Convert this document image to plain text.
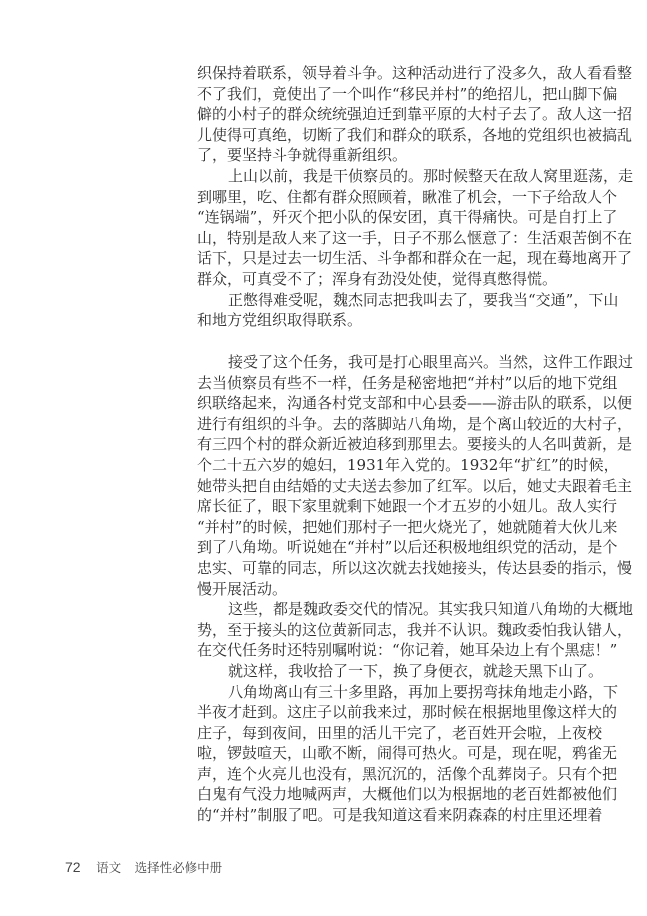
织保持着联系，领导着斗争。这种活动进行了没多久，敌人看看整
不了我们，竟使出了一个叫作“移民并村”的绝招儿，把山脚下偏
僻的小村子的群众统统强迫迁到靠平原的大村子去了。敌人这一招
儿使得可真绝，切断了我们和群众的联系，各地的党组织也被搞乱
了，要坚持斗争就得重新组织。
上山以前，我是干侦察员的。那时候整天在敌人窝里逛荡，走
到哪里，吃、住都有群众照顾着，瞅准了机会，一下子给敌人个
“连锅端”，歼灭个把小队的保安团，真干得痛快。可是自打上了
山，特别是敌人来了这一手，日子不那么惬意了：生活艰苦倒不在
话下，只是过去一切生活、斗争都和群众在一起，现在蓦地离开了
群众，可真受不了；浑身有劲没处使，觉得真憋得慌。
正憋得难受呢，魏杰同志把我叫去了，要我当“交通”，下山
和地方党组织取得联系。
接受了这个任务，我可是打心眼里高兴。当然，这件工作跟过
去当侦察员有些不一样，任务是秘密地把“并村”以后的地下党组
织联络起来，沟通各村党支部和中心县委——游击队的联系，以便
进行有组织的斗争。去的落脚站八角坳，是个离山较近的大村子，
有三四个村的群众新近被迫移到那里去。要接头的人名叫黄新，是
个二十五六岁的媳妇，1931年入党的。1932年“扩红”的时候，
她带头把自由结婚的丈夫送去参加了红军。以后，她丈夫跟着毛主
席长征了，眼下家里就剩下她跟一个才五岁的小妞儿。敌人实行
“并村”的时候，把她们那村子一把火烧光了，她就随着大伙儿来
到了八角坳。听说她在“并村”以后还积极地组织党的活动，是个
忠实、可靠的同志，所以这次就去找她接头，传达县委的指示，慢
慢开展活动。
这些，都是魏政委交代的情况。其实我只知道八角坳的大概地
势，至于接头的这位黄新同志，我并不认识。魏政委怕我认错人，
在交代任务时还特别嘱咐说：“你记着，她耳朵边上有个黑痣！”
就这样，我收拾了一下，换了身便衣，就趁天黑下山了。
八角坳离山有三十多里路，再加上要拐弯抹角地走小路，下
半夜才赶到。这庄子以前我来过，那时候在根据地里像这样大的
庄子，每到夜间，田里的活儿干完了，老百姓开会啦，上夜校
啦，锣鼓喧天，山歌不断，闹得可热火。可是，现在呢，鸦雀无
声，连个火亮儿也没有，黑沉沉的，活像个乱葬岗子。只有个把
白鬼有气没力地喊两声，大概他们以为根据地的老百姓都被他们
的“并村”制服了吧。可是我知道这看来阴森森的村庄里还埋着
72 语文 选择性必修中册
